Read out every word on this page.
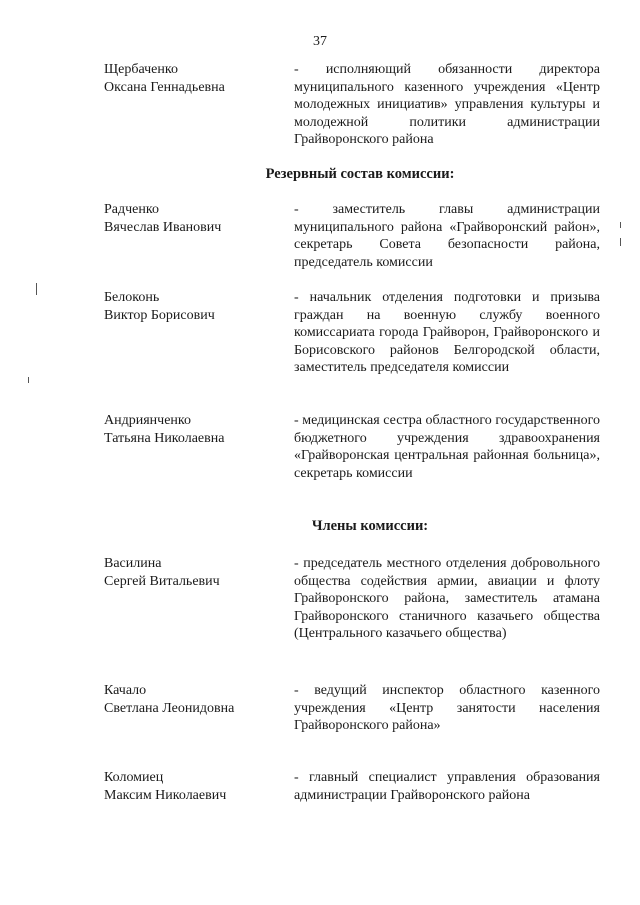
37
Щербаченко
Оксана Геннадьевна
- исполняющий обязанности директора муниципального казенного учреждения «Центр молодежных инициатив» управления культуры и молодежной политики администрации Грайворонского района
Резервный состав комиссии:
Радченко
Вячеслав Иванович
- заместитель главы администрации муниципального района «Грайворонский район», секретарь Совета безопасности района, председатель комиссии
Белоконь
Виктор Борисович
- начальник отделения подготовки и призыва граждан на военную службу военного комиссариата города Грайворон, Грайворонского и Борисовского районов Белгородской области, заместитель председателя комиссии
Андриянченко
Татьяна Николаевна
- медицинская сестра областного государственного бюджетного учреждения здравоохранения «Грайворонская центральная районная больница», секретарь комиссии
Члены комиссии:
Василина
Сергей Витальевич
- председатель местного отделения добровольного общества содействия армии, авиации и флоту Грайворонского района, заместитель атамана Грайворонского станичного казачьего общества (Центрального казачьего общества)
Качало
Светлана Леонидовна
- ведущий инспектор областного казенного учреждения «Центр занятости населения Грайворонского района»
Коломиец
Максим Николаевич
- главный специалист управления образования администрации Грайворонского района
